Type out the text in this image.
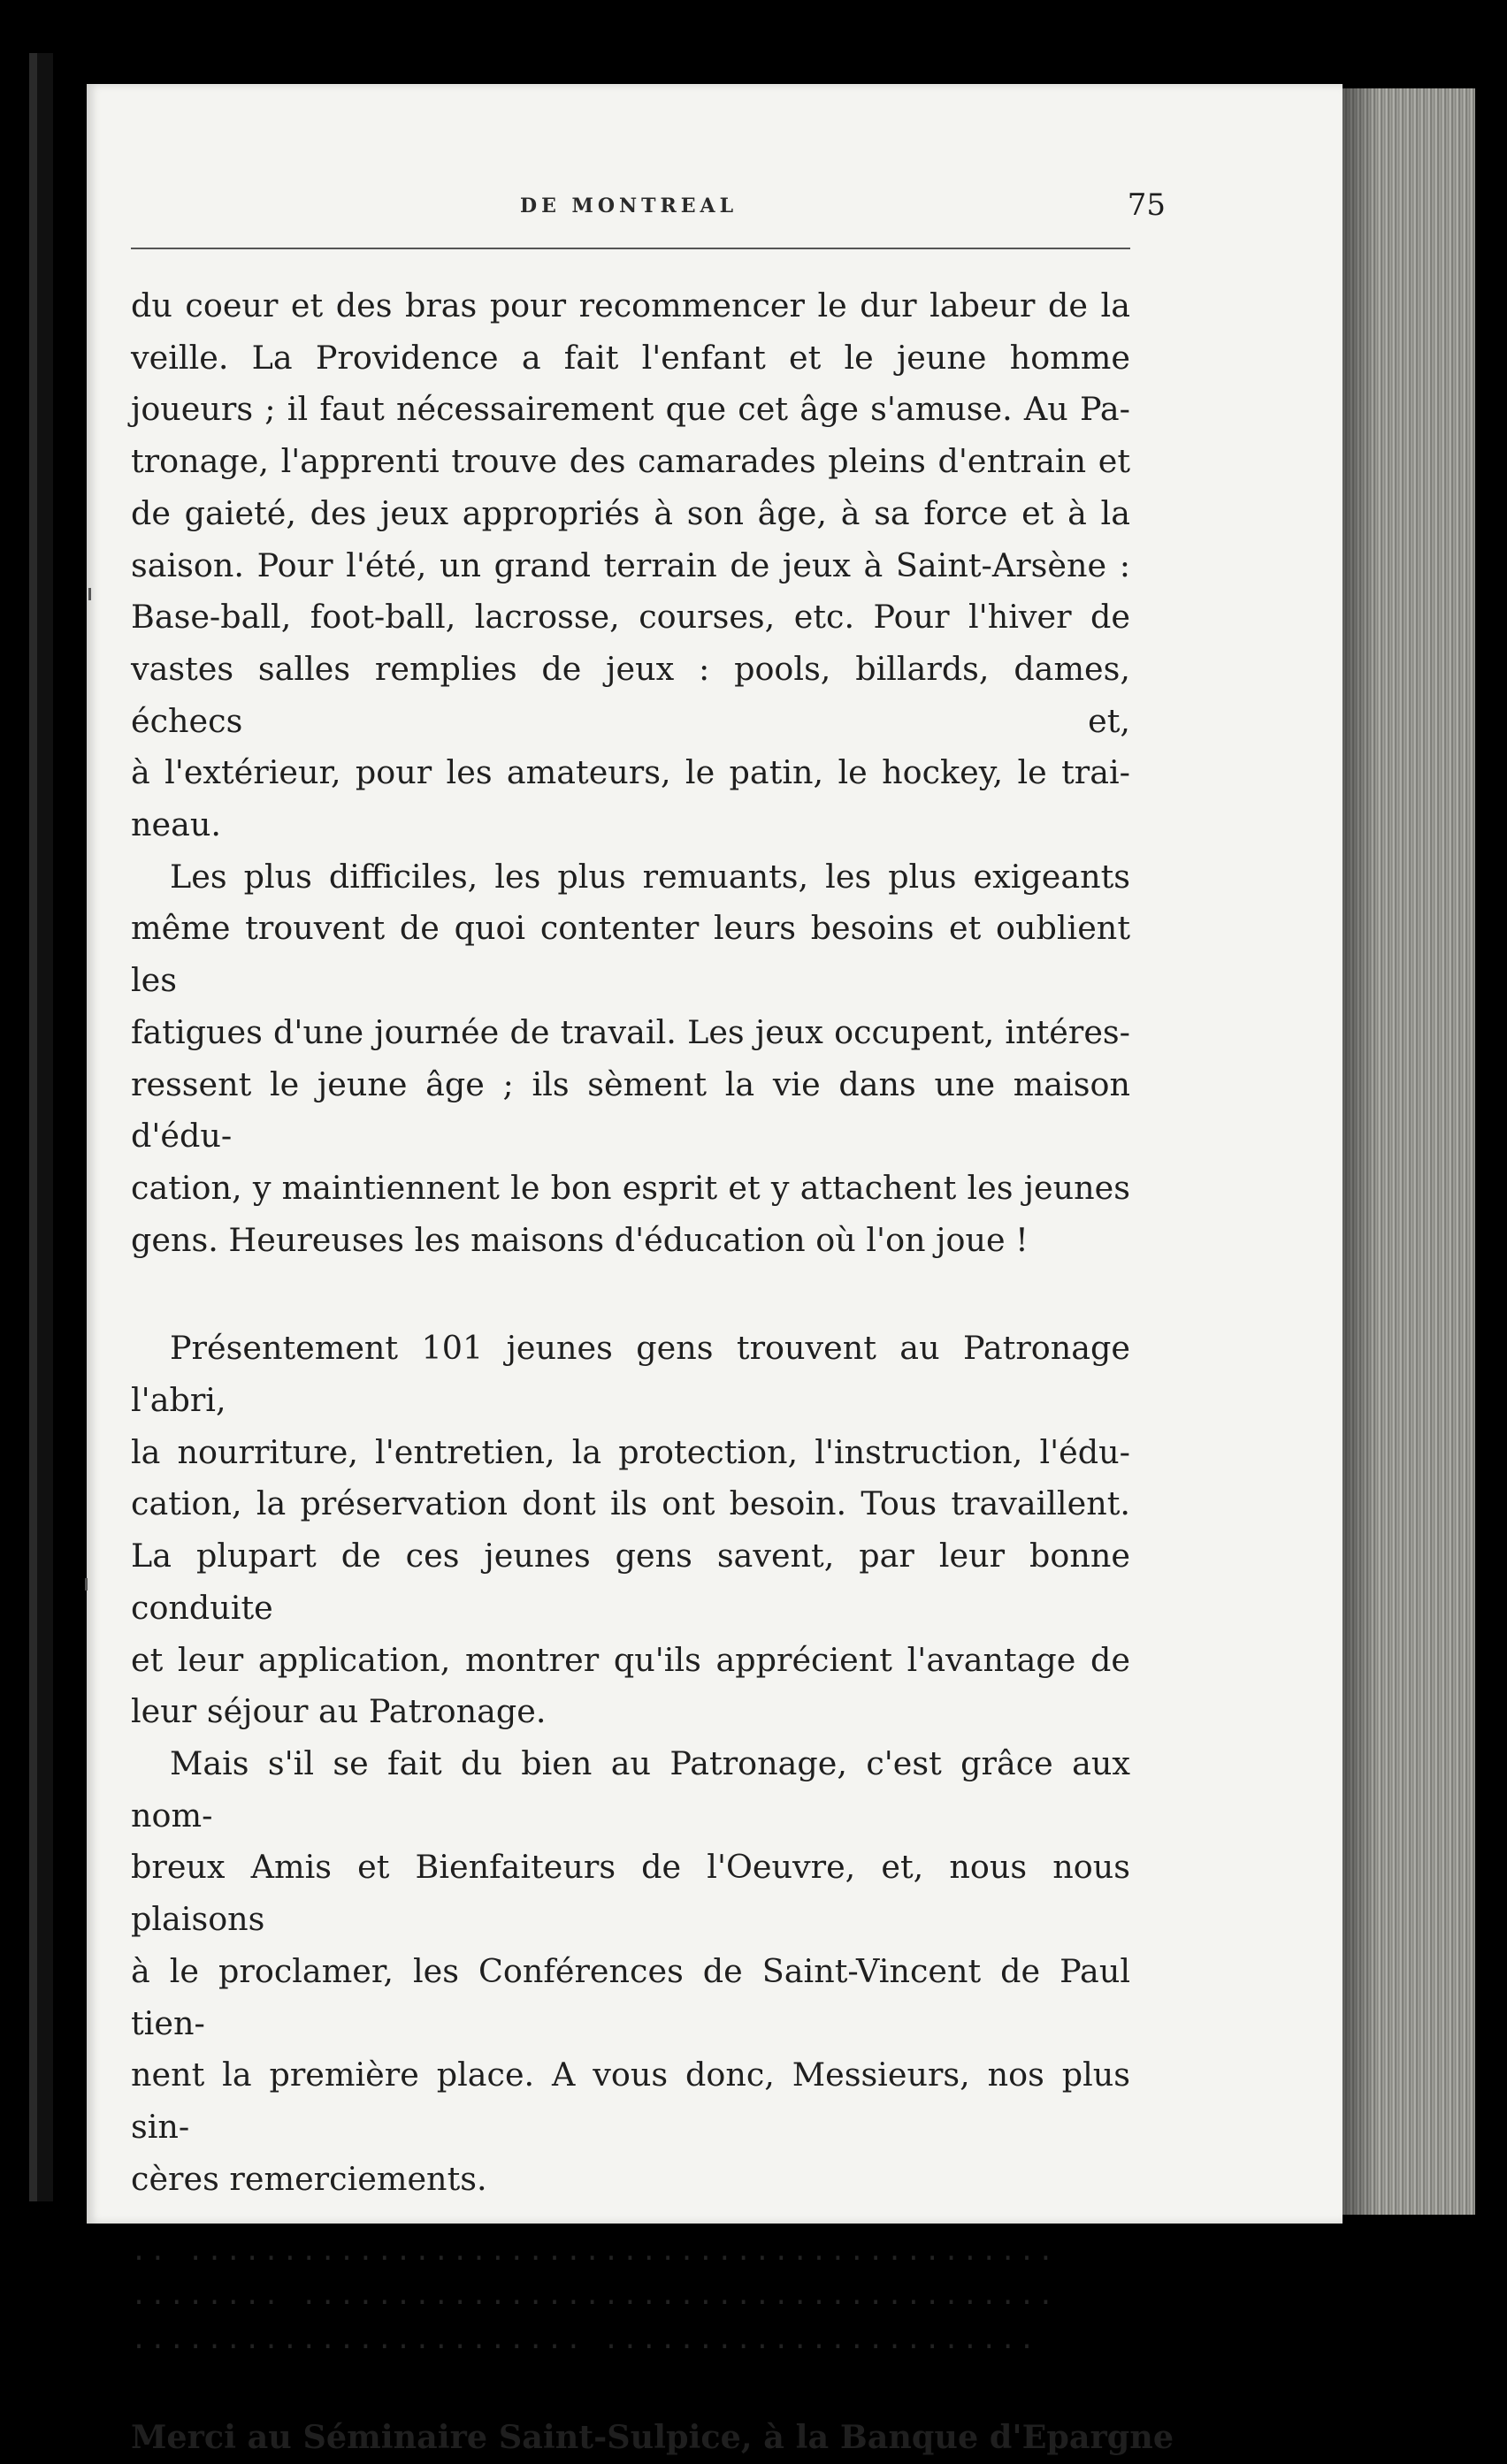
DE MONTREAL	75
du coeur et des bras pour recommencer le dur labeur de la
veille. La Providence a fait l'enfant et le jeune homme
joueurs ; il faut nécessairement que cet âge s'amuse. Au Pa-
tronage, l'apprenti trouve des camarades pleins d'entrain et
de gaieté, des jeux appropriés à son âge, à sa force et à la
saison. Pour l'été, un grand terrain de jeux à Saint-Arsène :
Base-ball, foot-ball, lacrosse, courses, etc. Pour l'hiver de
vastes salles remplies de jeux : pools, billards, dames, échecs et,
à l'extérieur, pour les amateurs, le patin, le hockey, le trai-
neau.
Les plus difficiles, les plus remuants, les plus exigeants
même trouvent de quoi contenter leurs besoins et oublient les
fatigues d'une journée de travail. Les jeux occupent, intéres-
ressent le jeune âge ; ils sèment la vie dans une maison d'édu-
cation, y maintiennent le bon esprit et y attachent les jeunes
gens. Heureuses les maisons d'éducation où l'on joue !
Présentement 101 jeunes gens trouvent au Patronage l'abri,
la nourriture, l'entretien, la protection, l'instruction, l'édu-
cation, la préservation dont ils ont besoin. Tous travaillent.
La plupart de ces jeunes gens savent, par leur bonne conduite
et leur application, montrer qu'ils apprécient l'avantage de
leur séjour au Patronage.
Mais s'il se fait du bien au Patronage, c'est grâce aux nom-
breux Amis et Bienfaiteurs de l'Oeuvre, et, nous nous plaisons
à le proclamer, les Conférences de Saint-Vincent de Paul tien-
nent la première place. A vous donc, Messieurs, nos plus sin-
cères remerciements.
.. ..............................................
........ ........................................
........................ .......................
Merci au Séminaire Saint-Sulpice, à la Banque d'Epargne
